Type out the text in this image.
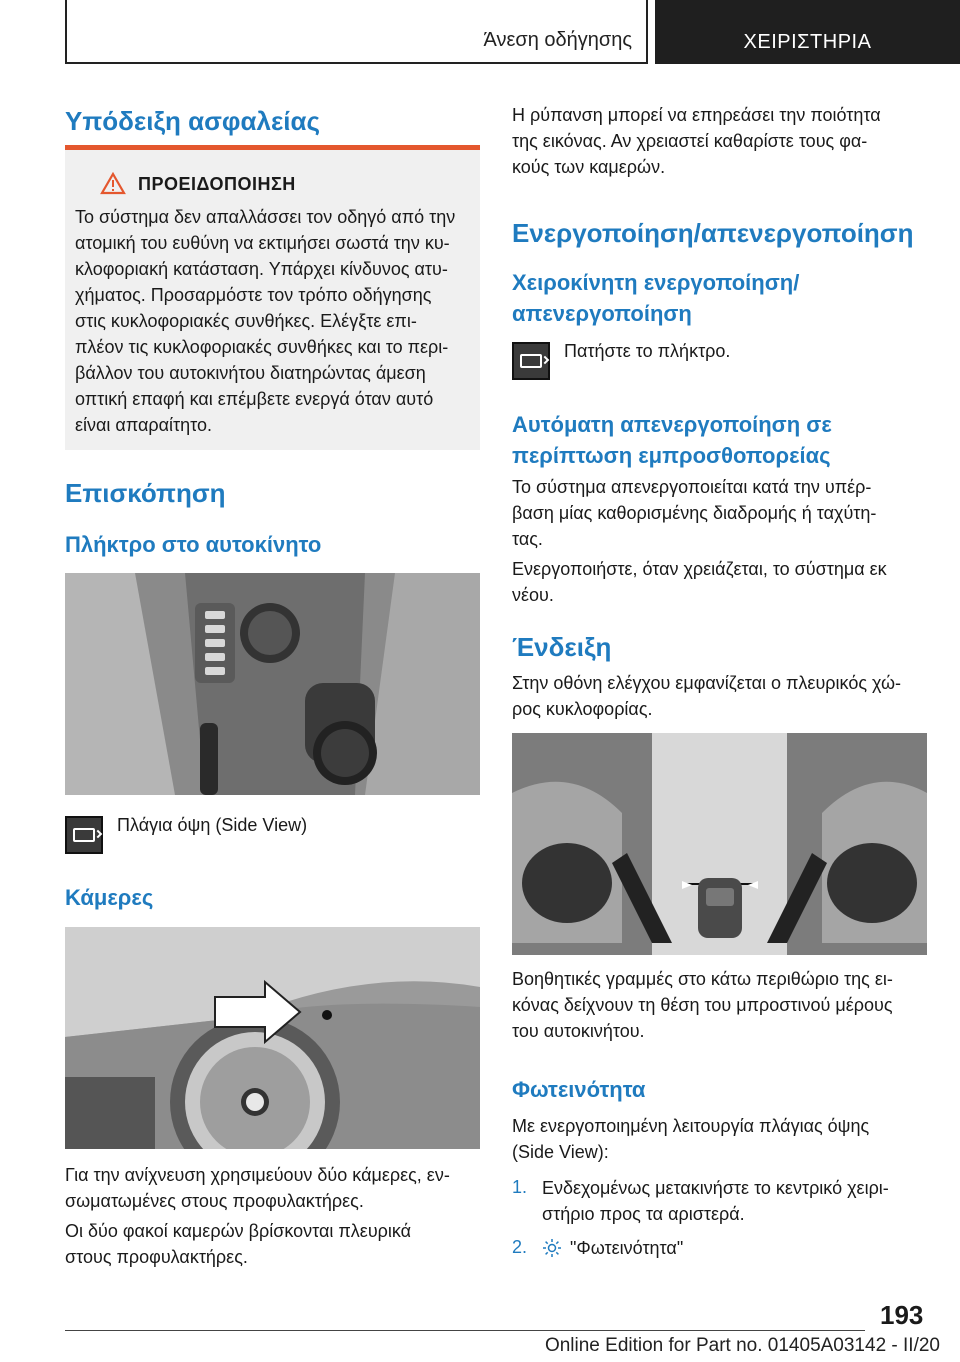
Άνεση οδήγησης	ΧΕΙΡΙΣΤΗΡΙΑ
Υπόδειξη ασφαλείας
ΠΡΟΕΙΔΟΠΟΙΗΣΗ
Το σύστημα δεν απαλλάσσει τον οδηγό από την
ατομική του ευθύνη να εκτιμήσει σωστά την κυ-
κλοφοριακή κατάσταση. Υπάρχει κίνδυνος ατυ-
χήματος. Προσαρμόστε τον τρόπο οδήγησης
στις κυκλοφοριακές συνθήκες. Ελέγξτε επι-
πλέον τις κυκλοφοριακές συνθήκες και το περι-
βάλλον του αυτοκινήτου διατηρώντας άμεση
οπτική επαφή και επέμβετε ενεργά όταν αυτό
είναι απαραίτητο.
Επισκόπηση
Πλήκτρο στο αυτοκίνητο
Πλάγια όψη (Side View)
Κάμερες
Για την ανίχνευση χρησιμεύουν δύο κάμερες, εν-
σωματωμένες στους προφυλακτήρες.
Οι δύο φακοί καμερών βρίσκονται πλευρικά
στους προφυλακτήρες.
Η ρύπανση μπορεί να επηρεάσει την ποιότητα
της εικόνας. Αν χρειαστεί καθαρίστε τους φα-
κούς των καμερών.
Ενεργοποίηση/απενεργοποίηση
Χειροκίνητη ενεργοποίηση/
απενεργοποίηση
Πατήστε το πλήκτρο.
Αυτόματη απενεργοποίηση σε
περίπτωση εμπροσθοπορείας
Το σύστημα απενεργοποιείται κατά την υπέρ-
βαση μίας καθορισμένης διαδρομής ή ταχύτη-
τας.
Ενεργοποιήστε, όταν χρειάζεται, το σύστημα εκ
νέου.
Ένδειξη
Στην οθόνη ελέγχου εμφανίζεται ο πλευρικός χώ-
ρος κυκλοφορίας.
Βοηθητικές γραμμές στο κάτω περιθώριο της ει-
κόνας δείχνουν τη θέση του μπροστινού μέρους
του αυτοκινήτου.
Φωτεινότητα
Με ενεργοποιημένη λειτουργία πλάγιας όψης
(Side View):
1. Ενδεχομένως μετακινήστε το κεντρικό χειρι-
στήριο προς τα αριστερά.
2. "Φωτεινότητα"
193
Online Edition for Part no. 01405A03142 - II/20
